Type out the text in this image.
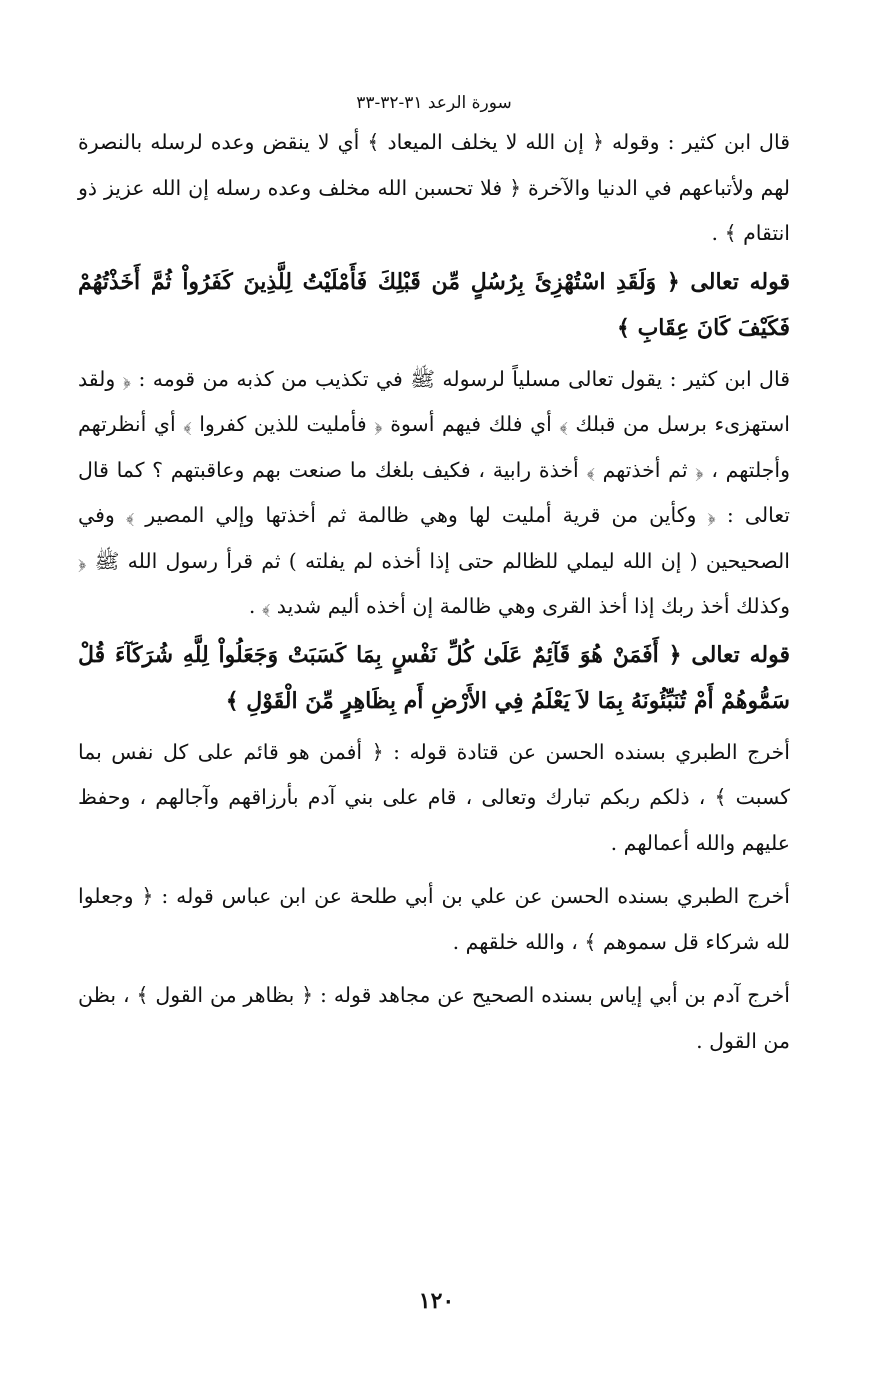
سورة الرعد ٣١-٣٢-٣٣

قال ابن كثير : وقوله ﴿ إن الله لا يخلف الميعاد ﴾ أي لا ينقض وعده لرسله بالنصرة لهم ولأتباعهم في الدنيا والآخرة ﴿ فلا تحسبن الله مخلف وعده رسله إن الله عزيز ذو انتقام ﴾ .

قوله تعالى ﴿ وَلَقَدِ اسْتُهْزِئَ بِرُسُلٍ مِّن قَبْلِكَ فَأَمْلَيْتُ لِلَّذِينَ كَفَرُواْ ثُمَّ أَخَذْتُهُمْ فَكَيْفَ كَانَ عِقَابِ ﴾

قال ابن كثير : يقول تعالى مسلياً لرسوله ﷺ في تكذيب من كذبه من قومه : ﴿ ولقد استهزىء برسل من قبلك ﴾ أي فلك فيهم أسوة ﴿ فأمليت للذين كفروا ﴾ أي أنظرتهم وأجلتهم ، ﴿ ثم أخذتهم ﴾ أخذة رابية ، فكيف بلغك ما صنعت بهم وعاقبتهم ؟ كما قال تعالى : ﴿ وكأين من قرية أمليت لها وهي ظالمة ثم أخذتها وإلي المصير ﴾ وفي الصحيحين ( إن الله ليملي للظالم حتى إذا أخذه لم يفلته ) ثم قرأ رسول الله ﷺ ﴿ وكذلك أخذ ربك إذا أخذ القرى وهي ظالمة إن أخذه أليم شديد ﴾ .

قوله تعالى ﴿ أَفَمَنْ هُوَ قَآئِمٌ عَلَىٰ كُلِّ نَفْسٍ بِمَا كَسَبَتْ وَجَعَلُواْ لِلَّهِ شُرَكَآءَ قُلْ سَمُّوهُمْ أَمْ تُنَبِّئُونَهُ بِمَا لاَ يَعْلَمُ فِي الأَرْضِ أَم بِظَاهِرٍ مِّنَ الْقَوْلِ ﴾

أخرج الطبري بسنده الحسن عن قتادة قوله : ﴿ أفمن هو قائم على كل نفس بما كسبت ﴾ ، ذلكم ربكم تبارك وتعالى ، قام على بني آدم بأرزاقهم وآجالهم ، وحفظ عليهم والله أعمالهم .

أخرج الطبري بسنده الحسن عن علي بن أبي طلحة عن ابن عباس قوله : ﴿ وجعلوا لله شركاء قل سموهم ﴾ ، والله خلقهم .

أخرج آدم بن أبي إياس بسنده الصحيح عن مجاهد قوله : ﴿ بظاهر من القول ﴾ ، بظن من القول .

١٢٠
